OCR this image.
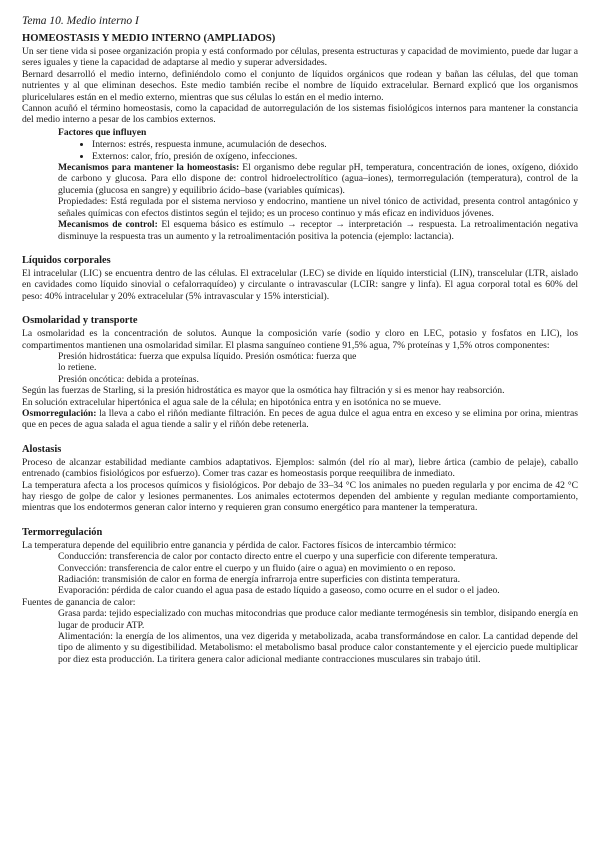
Tema 10. Medio interno I
HOMEOSTASIS Y MEDIO INTERNO (AMPLIADOS)

Un ser tiene vida si posee organización propia y está conformado por células, presenta estructuras y capacidad de movimiento, puede dar lugar a seres iguales y tiene la capacidad de adaptarse al medio y superar adversidades.

Bernard desarrolló el medio interno, definiéndolo como el conjunto de líquidos orgánicos que rodean y bañan las células, del que toman nutrientes y al que eliminan desechos. Este medio también recibe el nombre de líquido extracelular. Bernard explicó que los organismos pluricelulares están en el medio externo, mientras que sus células lo están en el medio interno.

Cannon acuñó el término homeostasis, como la capacidad de autorregulación de los sistemas fisiológicos internos para mantener la constancia del medio interno a pesar de los cambios externos.

Factores que influyen
• Internos: estrés, respuesta inmune, acumulación de desechos.
• Externos: calor, frío, presión de oxígeno, infecciones.

Mecanismos para mantener la homeostasis: El organismo debe regular pH, temperatura, concentración de iones, oxígeno, dióxido de carbono y glucosa. Para ello dispone de: control hidroelectrolítico (agua–iones), termorregulación (temperatura), control de la glucemia (glucosa en sangre) y equilibrio ácido–base (variables químicas).

Propiedades: Está regulada por el sistema nervioso y endocrino, mantiene un nivel tónico de actividad, presenta control antagónico y señales químicas con efectos distintos según el tejido; es un proceso continuo y más eficaz en individuos jóvenes.

Mecanismos de control: El esquema básico es estímulo → receptor → interpretación → respuesta. La retroalimentación negativa disminuye la respuesta tras un aumento y la retroalimentación positiva la potencia (ejemplo: lactancia).

Líquidos corporales

El intracelular (LIC) se encuentra dentro de las células. El extracelular (LEC) se divide en líquido intersticial (LIN), transcelular (LTR, aislado en cavidades como líquido sinovial o cefalorraquídeo) y circulante o intravascular (LCIR: sangre y linfa). El agua corporal total es 60% del peso: 40% intracelular y 20% extracelular (5% intravascular y 15% intersticial).

Osmolaridad y transporte

La osmolaridad es la concentración de solutos. Aunque la composición varíe (sodio y cloro en LEC, potasio y fosfatos en LIC), los compartimentos mantienen una osmolaridad similar. El plasma sanguíneo contiene 91,5% agua, 7% proteínas y 1,5% otros componentes:

Presión hidrostática: fuerza que expulsa líquido. Presión osmótica: fuerza que

lo retiene.

Presión oncótica: debida a proteínas.

Según las fuerzas de Starling, si la presión hidrostática es mayor que la osmótica hay filtración y si es menor hay reabsorción.

En solución extracelular hipertónica el agua sale de la célula; en hipotónica entra y en isotónica no se mueve.

Osmorregulación: la lleva a cabo el riñón mediante filtración. En peces de agua dulce el agua entra en exceso y se elimina por orina, mientras que en peces de agua salada el agua tiende a salir y el riñón debe retenerla.

Alostasis

Proceso de alcanzar estabilidad mediante cambios adaptativos. Ejemplos: salmón (del río al mar), liebre ártica (cambio de pelaje), caballo entrenado (cambios fisiológicos por esfuerzo). Comer tras cazar es homeostasis porque reequilibra de inmediato.

La temperatura afecta a los procesos químicos y fisiológicos. Por debajo de 33–34 °C los animales no pueden regularla y por encima de 42 °C hay riesgo de golpe de calor y lesiones permanentes. Los animales ectotermos dependen del ambiente y regulan mediante comportamiento, mientras que los endotermos generan calor interno y requieren gran consumo energético para mantener la temperatura.

Termorregulación

La temperatura depende del equilibrio entre ganancia y pérdida de calor. Factores físicos de intercambio térmico:

Conducción: transferencia de calor por contacto directo entre el cuerpo y una superficie con diferente temperatura.

Convección: transferencia de calor entre el cuerpo y un fluido (aire o agua) en movimiento o en reposo.

Radiación: transmisión de calor en forma de energía infrarroja entre superficies con distinta temperatura.

Evaporación: pérdida de calor cuando el agua pasa de estado líquido a gaseoso, como ocurre en el sudor o el jadeo.

Fuentes de ganancia de calor:

Grasa parda: tejido especializado con muchas mitocondrias que produce calor mediante termogénesis sin temblor, disipando energía en lugar de producir ATP.

Alimentación: la energía de los alimentos, una vez digerida y metabolizada, acaba transformándose en calor. La cantidad depende del tipo de alimento y su digestibilidad. Metabolismo: el metabolismo basal produce calor constantemente y el ejercicio puede multiplicar por diez esta producción. La tiritera genera calor adicional mediante contracciones musculares sin trabajo útil.
